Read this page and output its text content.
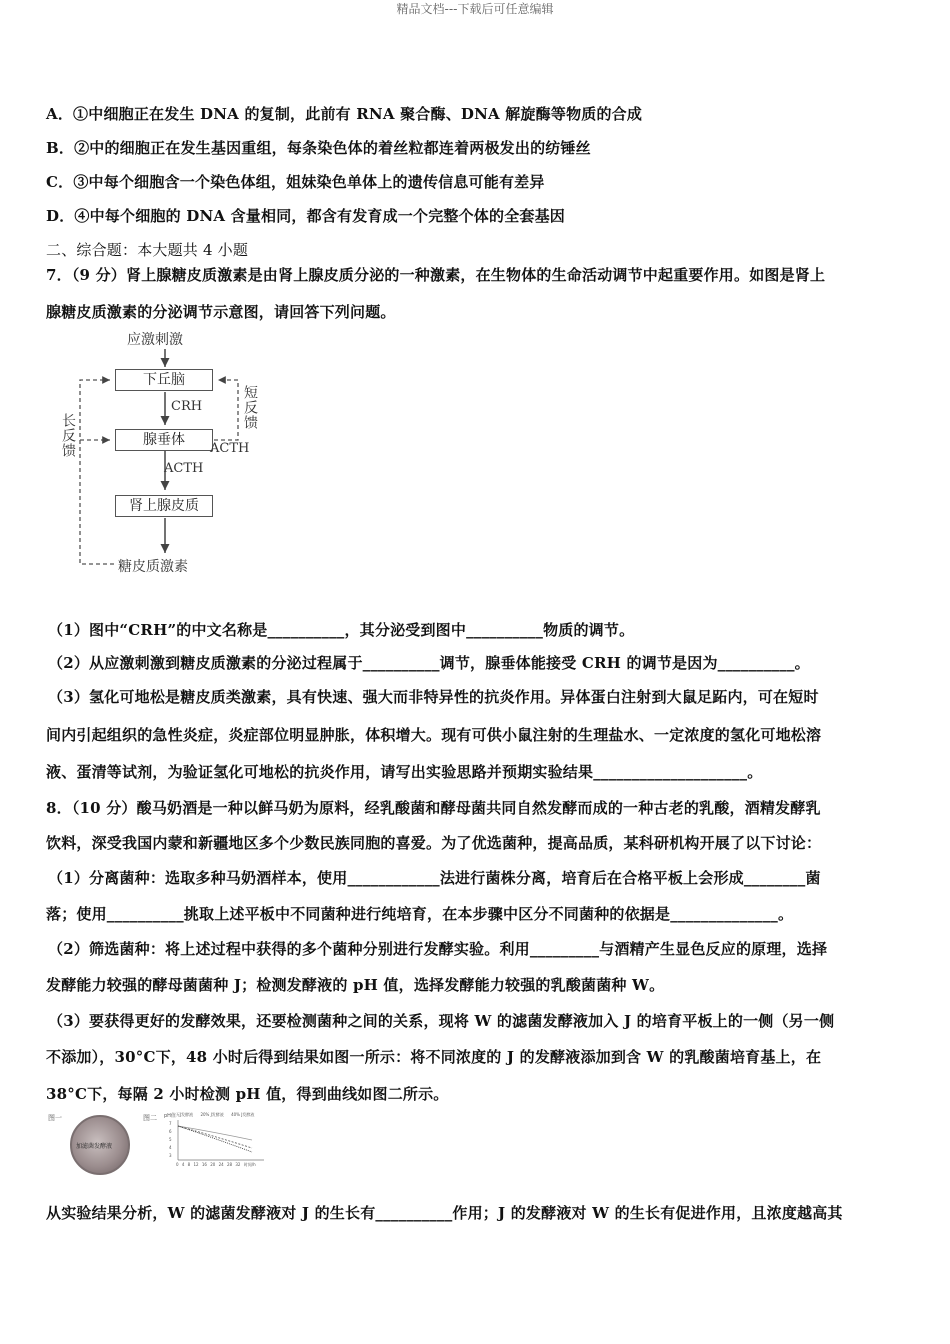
精品文档---下载后可任意编辑
A．①中细胞正在发生 DNA 的复制，此前有 RNA 聚合酶、DNA 解旋酶等物质的合成
B．②中的细胞正在发生基因重组，每条染色体的着丝粒都连着两极发出的纺锤丝
C．③中每个细胞含一个染色体组，姐妹染色单体上的遗传信息可能有差异
D．④中每个细胞的 DNA 含量相同，都含有发育成一个完整个体的全套基因
二、综合题：本大题共 4 小题
7．（9 分）肾上腺糖皮质激素是由肾上腺皮质分泌的一种激素，在生物体的生命活动调节中起重要作用。如图是肾上
腺糖皮质激素的分泌调节示意图，请回答下列问题。
应激刺激
下丘脑
CRH
腺垂体
ACTH
ACTH
肾上腺皮质
糖皮质激素
长反馈
短反馈
（1）图中“CRH”的中文名称是__________，其分泌受到图中__________物质的调节。
（2）从应激刺激到糖皮质激素的分泌过程属于__________调节，腺垂体能接受 CRH 的调节是因为__________。
（3）氢化可地松是糖皮质类激素，具有快速、强大而非特异性的抗炎作用。异体蛋白注射到大鼠足跖内，可在短时
间内引起组织的急性炎症，炎症部位明显肿胀，体积增大。现有可供小鼠注射的生理盐水、一定浓度的氢化可地松溶
液、蛋清等试剂，为验证氢化可地松的抗炎作用，请写出实验思路并预期实验结果____________________。
8．（10 分）酸马奶酒是一种以鲜马奶为原料，经乳酸菌和酵母菌共同自然发酵而成的一种古老的乳酸，酒精发酵乳
饮料，深受我国内蒙和新疆地区多个少数民族同胞的喜爱。为了优选菌种，提高品质，某科研机构开展了以下讨论：
（1）分离菌种：选取多种马奶酒样本，使用____________法进行菌株分离，培育后在合格平板上会形成________菌
落；使用__________挑取上述平板中不同菌种进行纯培育，在本步骤中区分不同菌种的依据是______________。
（2）筛选菌种：将上述过程中获得的多个菌种分别进行发酵实验。利用_________与酒精产生显色反应的原理，选择
发酵能力较强的酵母菌菌种 J；检测发酵液的 pH 值，选择发酵能力较强的乳酸菌菌种 W。
（3）要获得更好的发酵效果，还要检测菌种之间的关系，现将 W 的滤菌发酵液加入 J 的培育平板上的一侧（另一侧
不添加），30°C下，48 小时后得到结果如图一所示：将不同浓度的 J 的发酵液添加到含 W 的乳酸菌培育基上，在
38°C下，每隔 2 小时检测 pH 值，得到曲线如图二所示。
图一
加滤菌发酵液
图二 pH值 无J发酵液 20% J发酵液 40% J发酵液
7
6
5
4
3
0 4 8 12 16 20 24 28 32 时间/h
从实验结果分析，W 的滤菌发酵液对 J 的生长有__________作用；J 的发酵液对 W 的生长有促进作用，且浓度越高其
